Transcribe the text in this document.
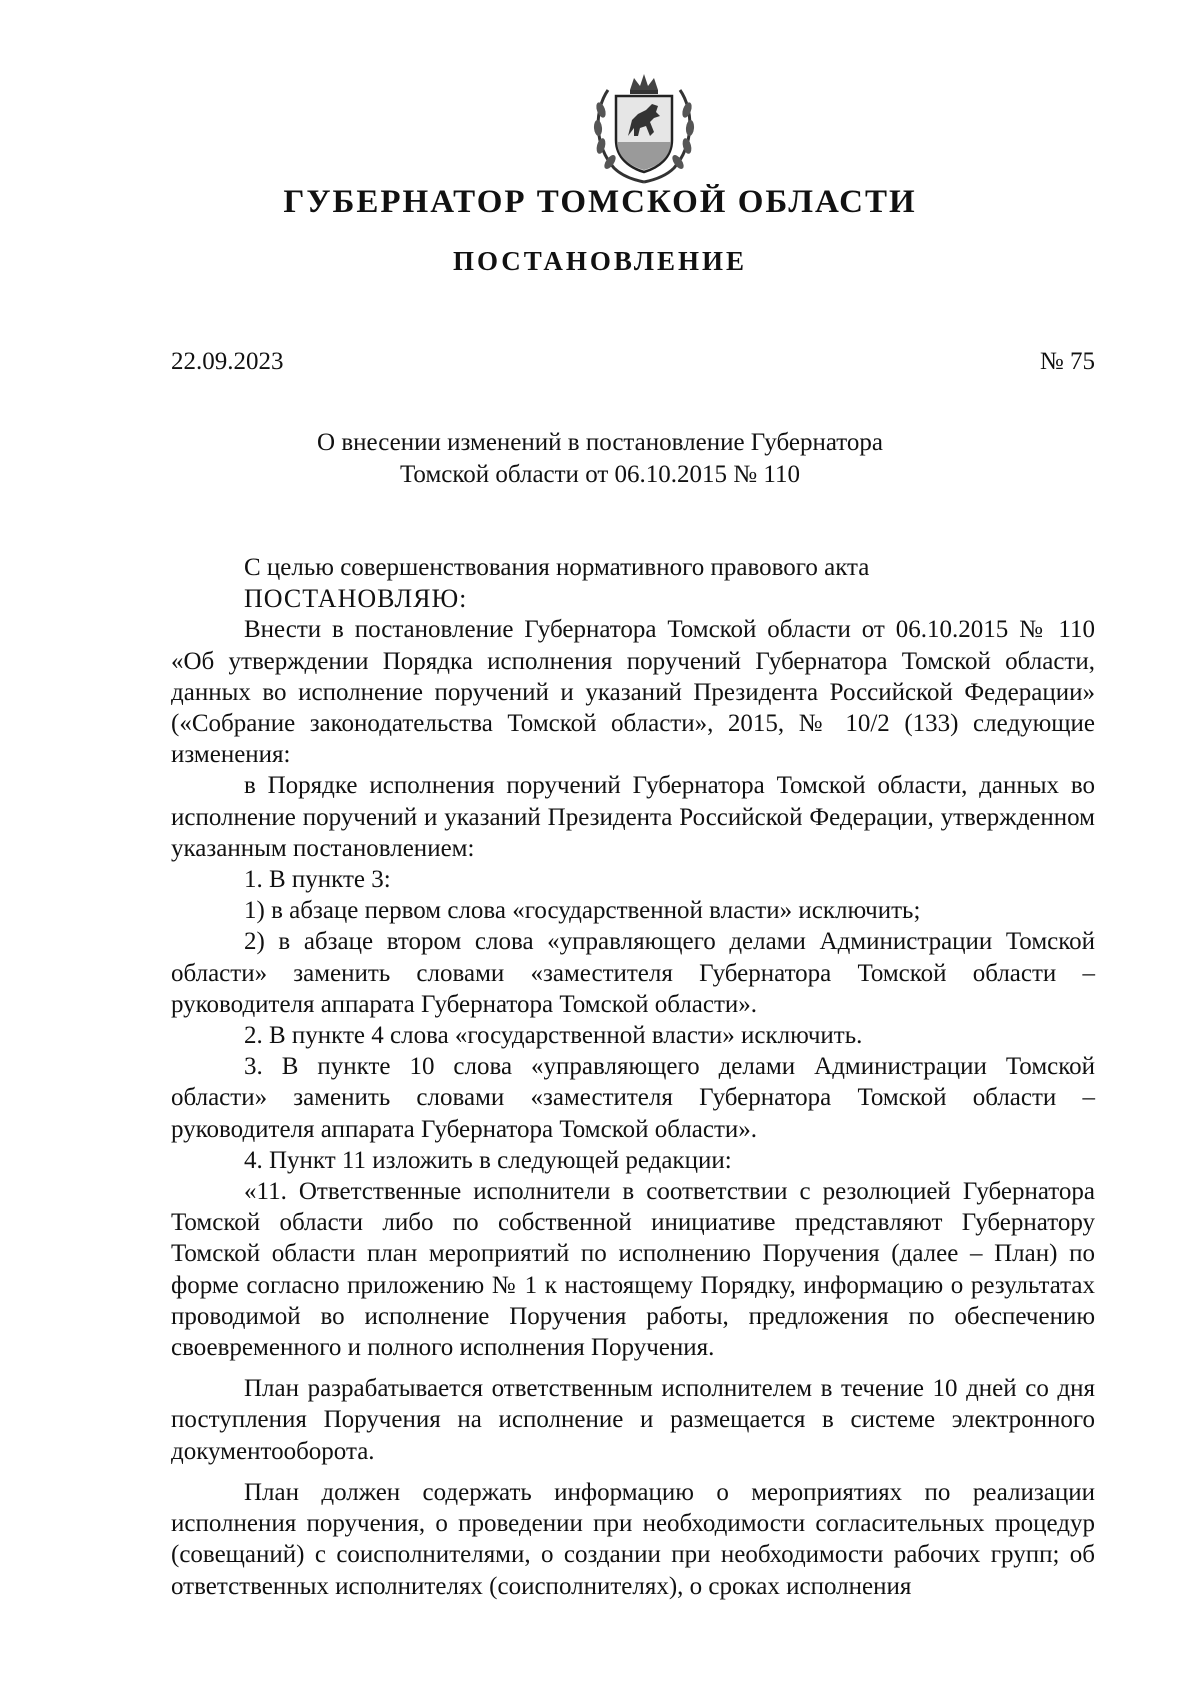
ГУБЕРНАТОР ТОМСКОЙ ОБЛАСТИ
ПОСТАНОВЛЕНИЕ
22.09.2023	№ 75
О внесении изменений в постановление Губернатора
Томской области от 06.10.2015 № 110

С целью совершенствования нормативного правового акта

ПОСТАНОВЛЯЮ:

Внести в постановление Губернатора Томской области от 06.10.2015 № 110 «Об утверждении Порядка исполнения поручений Губернатора Томской области, данных во исполнение поручений и указаний Президента Российской Федерации» («Собрание законодательства Томской области», 2015, № 10/2 (133) следующие изменения:

в Порядке исполнения поручений Губернатора Томской области, данных во исполнение поручений и указаний Президента Российской Федерации, утвержденном указанным постановлением:

1. В пункте 3:

1) в абзаце первом слова «государственной власти» исключить;

2) в абзаце втором слова «управляющего делами Администрации Томской области» заменить словами «заместителя Губернатора Томской области – руководителя аппарата Губернатора Томской области».

2. В пункте 4 слова «государственной власти» исключить.

3. В пункте 10 слова «управляющего делами Администрации Томской области» заменить словами «заместителя Губернатора Томской области – руководителя аппарата Губернатора Томской области».

4. Пункт 11 изложить в следующей редакции:

«11. Ответственные исполнители в соответствии с резолюцией Губернатора Томской области либо по собственной инициативе представляют Губернатору Томской области план мероприятий по исполнению Поручения (далее – План) по форме согласно приложению № 1 к настоящему Порядку, информацию о результатах проводимой во исполнение Поручения работы, предложения по обеспечению своевременного и полного исполнения Поручения.

План разрабатывается ответственным исполнителем в течение 10 дней со дня поступления Поручения на исполнение и размещается в системе электронного документооборота.

План должен содержать информацию о мероприятиях по реализации исполнения поручения, о проведении при необходимости согласительных процедур (совещаний) с соисполнителями, о создании при необходимости рабочих групп; об ответственных исполнителях (соисполнителях), о сроках исполнения
